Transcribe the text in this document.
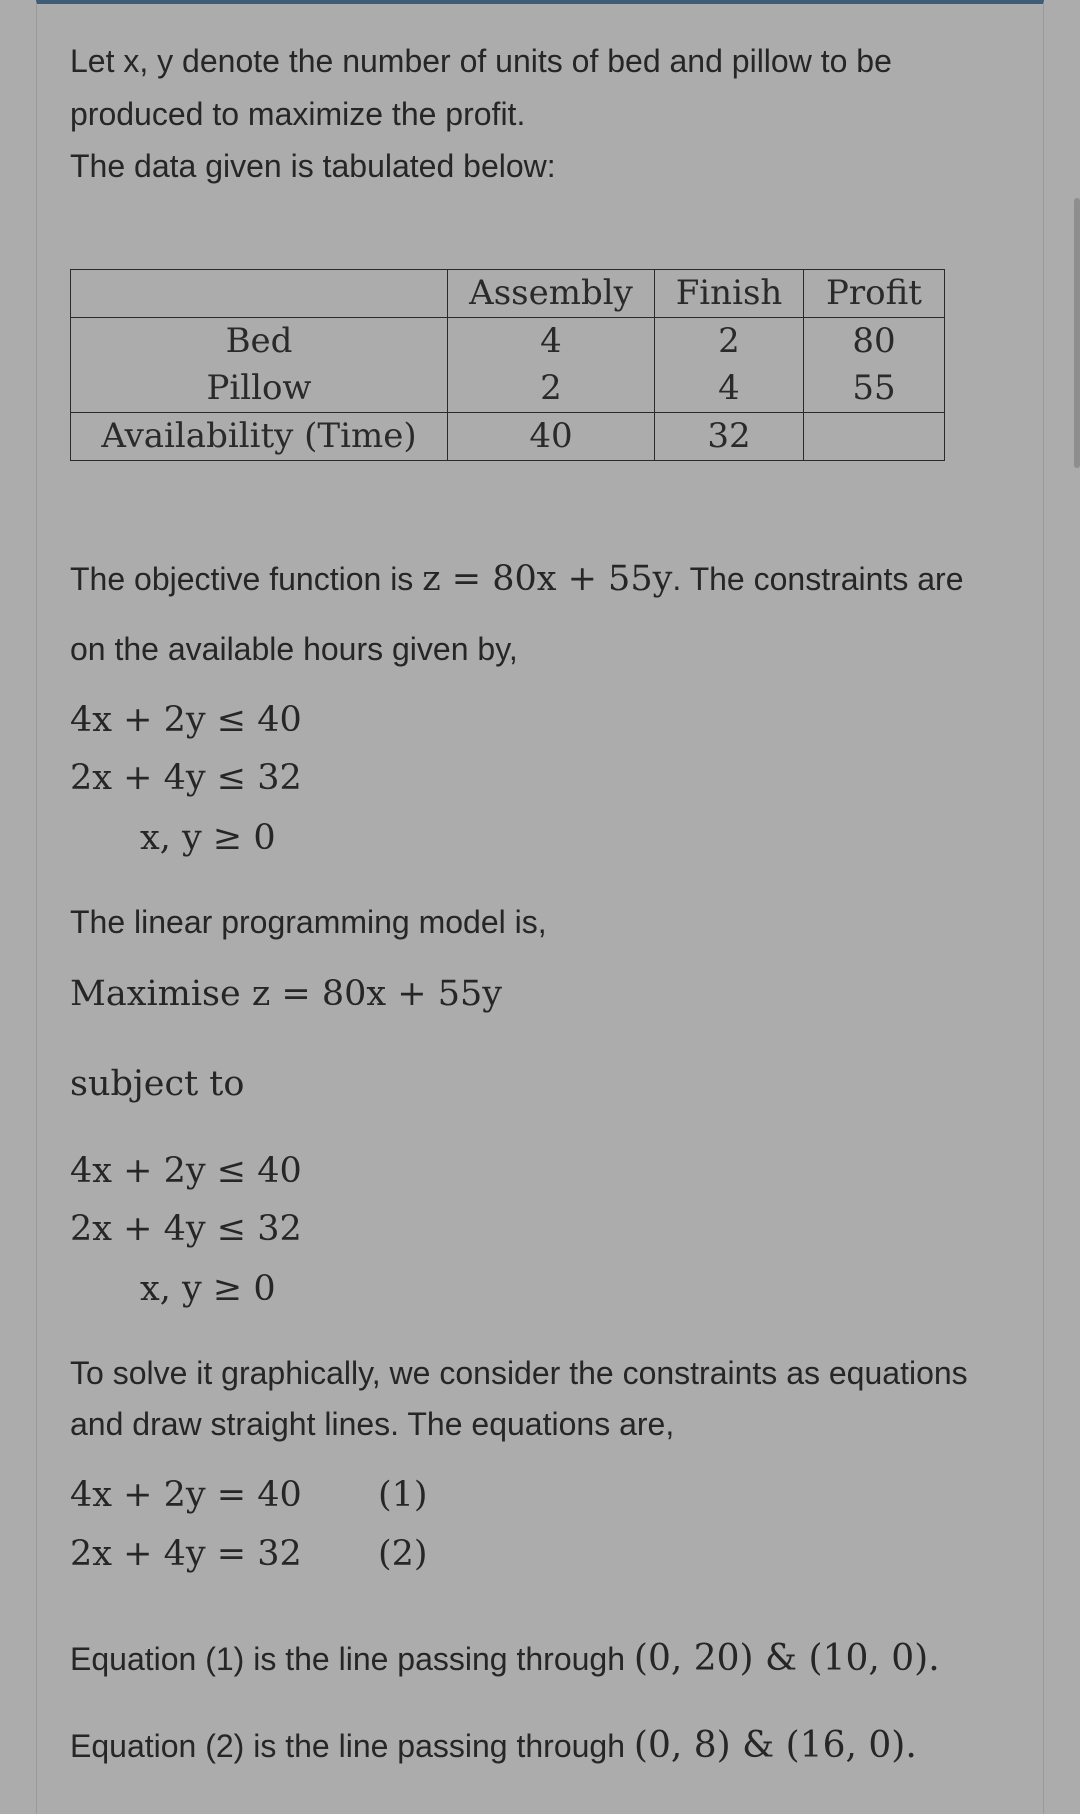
Let x, y denote the number of units of bed and pillow to be

produced to maximize the profit.

The data given is tabulated below:

	Assembly	Finish	Profit
Bed	4	2	80
Pillow	2	4	55
Availability (Time)	40	32	

The objective function is z = 80x + 55y. The constraints are

on the available hours given by,

4x + 2y ≤ 40
2x + 4y ≤ 32
x, y ≥ 0

The linear programming model is,

Maximise z = 80x + 55y
subject to
4x + 2y ≤ 40
2x + 4y ≤ 32
x, y ≥ 0

To solve it graphically, we consider the constraints as equations

and draw straight lines. The equations are,

4x + 2y = 40 (1)
2x + 4y = 32 (2)

Equation (1) is the line passing through (0, 20) & (10, 0).

Equation (2) is the line passing through (0, 8) & (16, 0).
